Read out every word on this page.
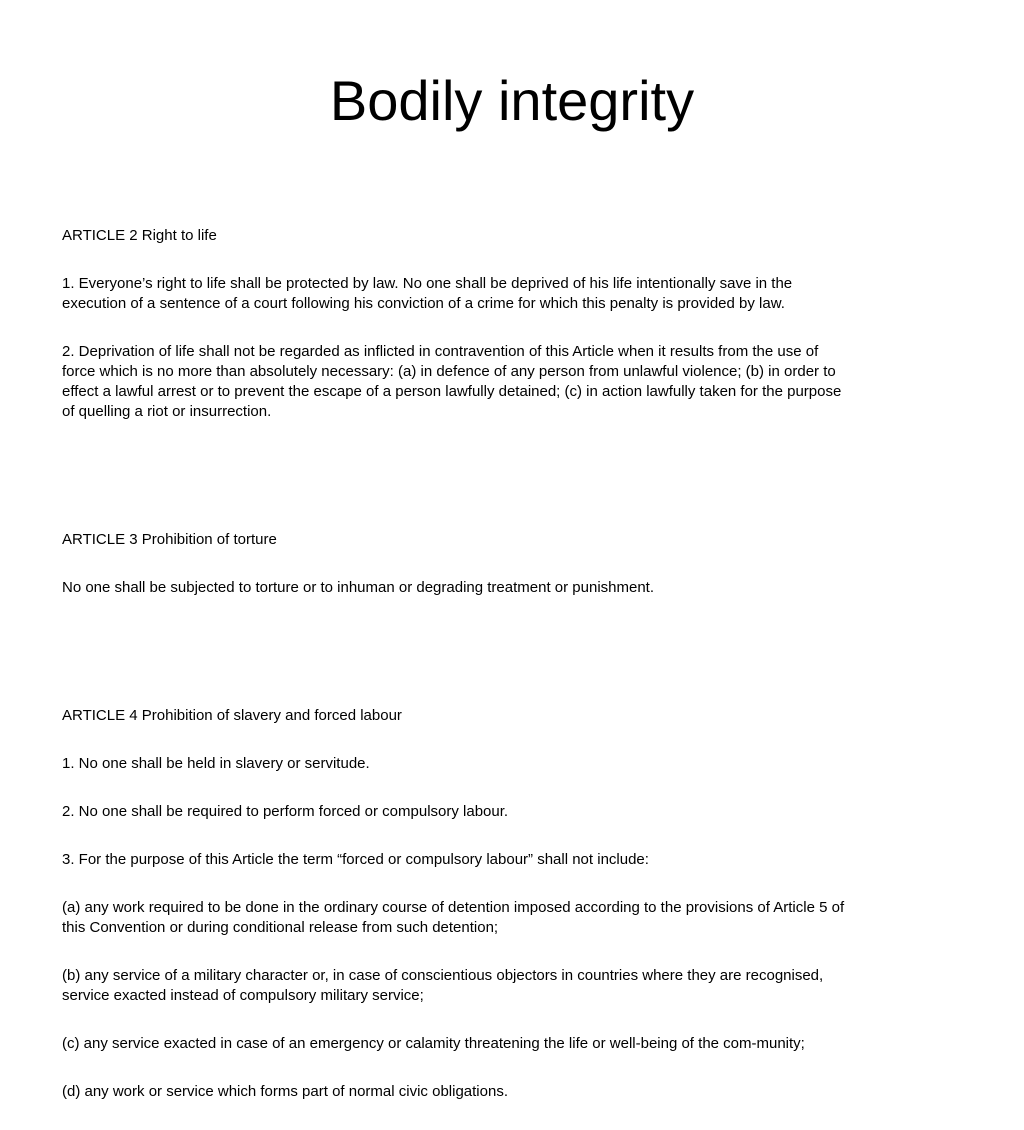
Bodily integrity

ARTICLE 2 Right to life

1. Everyone’s right to life shall be protected by law. No one shall be deprived of his life intentionally save in the
execution of a sentence of a court following his conviction of a crime for which this penalty is provided by law.

2. Deprivation of life shall not be regarded as inflicted in contravention of this Article when it results from the use of
force which is no more than absolutely necessary: (a) in defence of any person from unlawful violence; (b) in order to
effect a lawful arrest or to prevent the escape of a person lawfully detained; (c) in action lawfully taken for the purpose
of quelling a riot or insurrection.

ARTICLE 3 Prohibition of torture

No one shall be subjected to torture or to inhuman or degrading treatment or punishment.

ARTICLE 4 Prohibition of slavery and forced labour

1. No one shall be held in slavery or servitude.

2. No one shall be required to perform forced or compulsory labour.

3. For the purpose of this Article the term “forced or compulsory labour” shall not include:

(a) any work required to be done in the ordinary course of detention imposed according to the provisions of Article 5 of
this Convention or during conditional release from such detention;

(b) any service of a military character or, in case of conscientious objectors in countries where they are recognised,
service exacted instead of compulsory military service;

(c) any service exacted in case of an emergency or calamity threatening the life or well-being of the com-munity;

(d) any work or service which forms part of normal civic obligations.
